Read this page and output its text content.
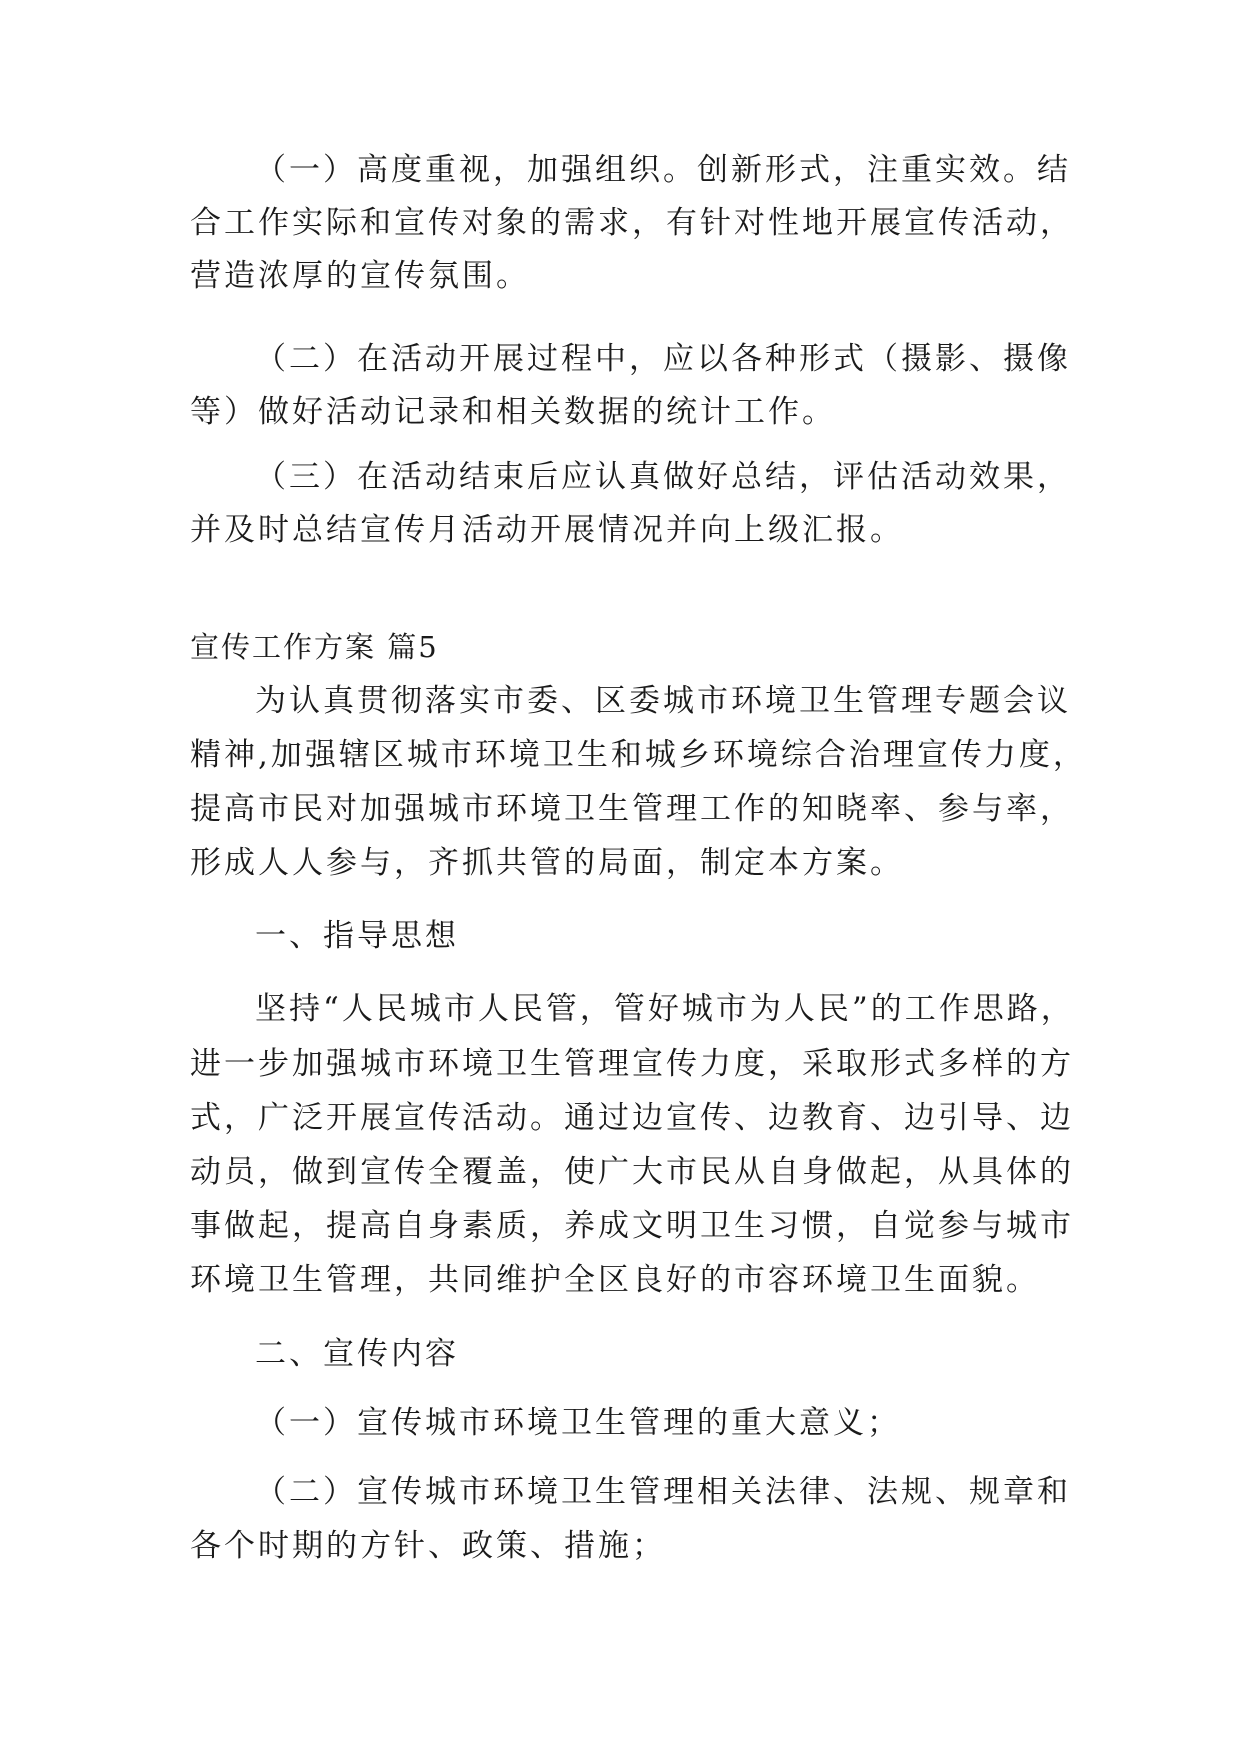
（一）高度重视，加强组织。创新形式，注重实效。结
合工作实际和宣传对象的需求，有针对性地开展宣传活动，
营造浓厚的宣传氛围。
（二）在活动开展过程中，应以各种形式（摄影、摄像
等）做好活动记录和相关数据的统计工作。
（三）在活动结束后应认真做好总结，评估活动效果，
并及时总结宣传月活动开展情况并向上级汇报。
宣传工作方案 篇5
为认真贯彻落实市委、区委城市环境卫生管理专题会议
精神,加强辖区城市环境卫生和城乡环境综合治理宣传力度，
提高市民对加强城市环境卫生管理工作的知晓率、参与率，
形成人人参与，齐抓共管的局面，制定本方案。
一、指导思想
坚持“人民城市人民管，管好城市为人民”的工作思路，
进一步加强城市环境卫生管理宣传力度，采取形式多样的方
式，广泛开展宣传活动。通过边宣传、边教育、边引导、边
动员，做到宣传全覆盖，使广大市民从自身做起，从具体的
事做起，提高自身素质，养成文明卫生习惯，自觉参与城市
环境卫生管理，共同维护全区良好的市容环境卫生面貌。
二、宣传内容
（一）宣传城市环境卫生管理的重大意义；
（二）宣传城市环境卫生管理相关法律、法规、规章和
各个时期的方针、政策、措施；
